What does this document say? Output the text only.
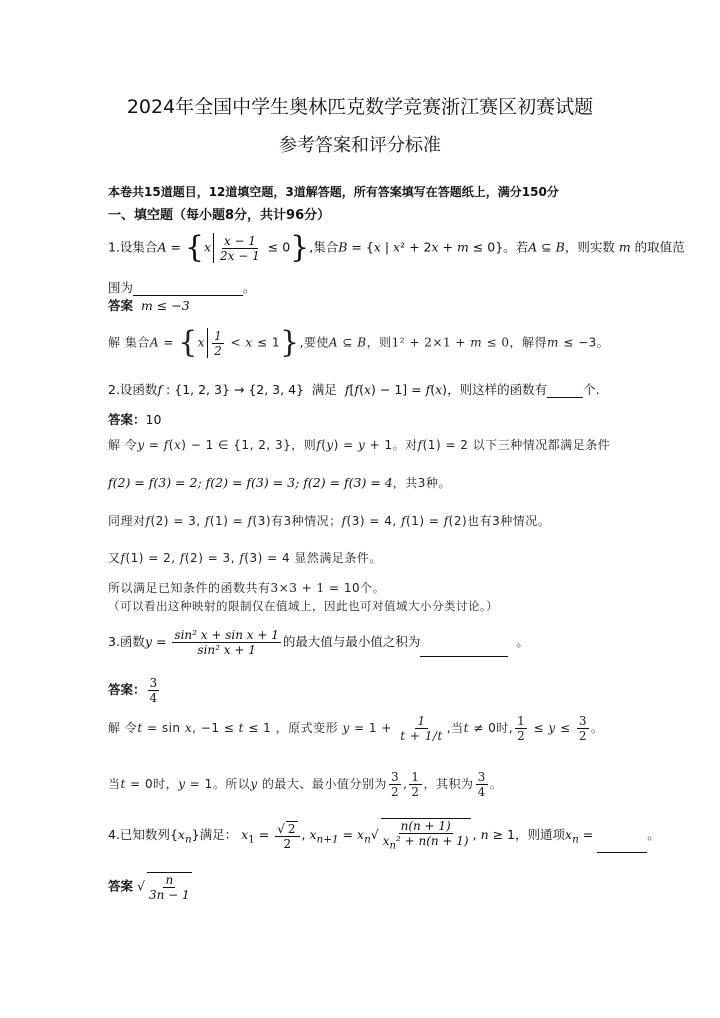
2024年全国中学生奥林匹克数学竞赛浙江赛区初赛试题
参考答案和评分标准
本卷共15道题目，12道填空题，3道解答题，所有答案填写在答题纸上，满分150分
一、填空题（每小题8分，共计96分）
1.设集合$A = \{x \frac{x - 1}{2x - 1} \le 0\}$,集合B = {x | x² + 2x + m ≤ 0}。若A ⊆ B，则实数 m 的取值范
围为	。
答案 m ≤ −3
解 集合$A = \{x \frac{1}{2} < x \le 1\}$,要使A ⊆ B，则1² + 2×1 + m ≤ 0，解得m ≤ −3。
2.设函数f : {1, 2, 3} → {2, 3, 4}  满足 f[f(x) − 1] = f(x)，则这样的函数有	个.
答案：10
解 令y = f(x) − 1 ∈ {1, 2, 3}，则f(y) = y + 1。对f(1) = 2 以下三种情况都满足条件
f(2) = f(3) = 2; f(2) = f(3) = 3; f(2) = f(3) = 4，共3种。
同理对f(2) = 3, f(1) = f(3)有3种情况；f(3) = 4, f(1) = f(2)也有3种情况。
又f(1) = 2, f(2) = 3, f(3) = 4 显然满足条件。
所以满足已知条件的函数共有3×3 + 1 = 10个。
（可以看出这种映射的限制仅在值域上，因此也可对值域大小分类讨论。）
3.函数$y = \frac{\text{sin² x + sin x + 1}}{\text{sin² x + 1}}$ 的最大值与最小值之积为	。
答案： $\frac{3}{4}$
解 令t = sin x, −1 ≤ t ≤ 1 ，原式变形 $y = 1 + \frac{1}{t + 1/t}$ ,当t ≠ 0时, $\frac{1}{2} \le y \le \frac{3}{2}$ 。
当t = 0时，y = 1。所以y 的最大、最小值分别为 $\frac{3}{2}$ , $\frac{1}{2}$ ，其积为 $\frac{3}{4}$ 。
4.已知数列$\{x_n\}$满足： $x_1 = \frac{√ 2}{2}$ , $x_{n+1} = x_n√ \frac{n(n + 1)}{x_n^2 + n(n + 1)}$ , n ≥ 1，则通项$x_n$ =	。
答案 √ $\frac{n}{3n - 1}$
